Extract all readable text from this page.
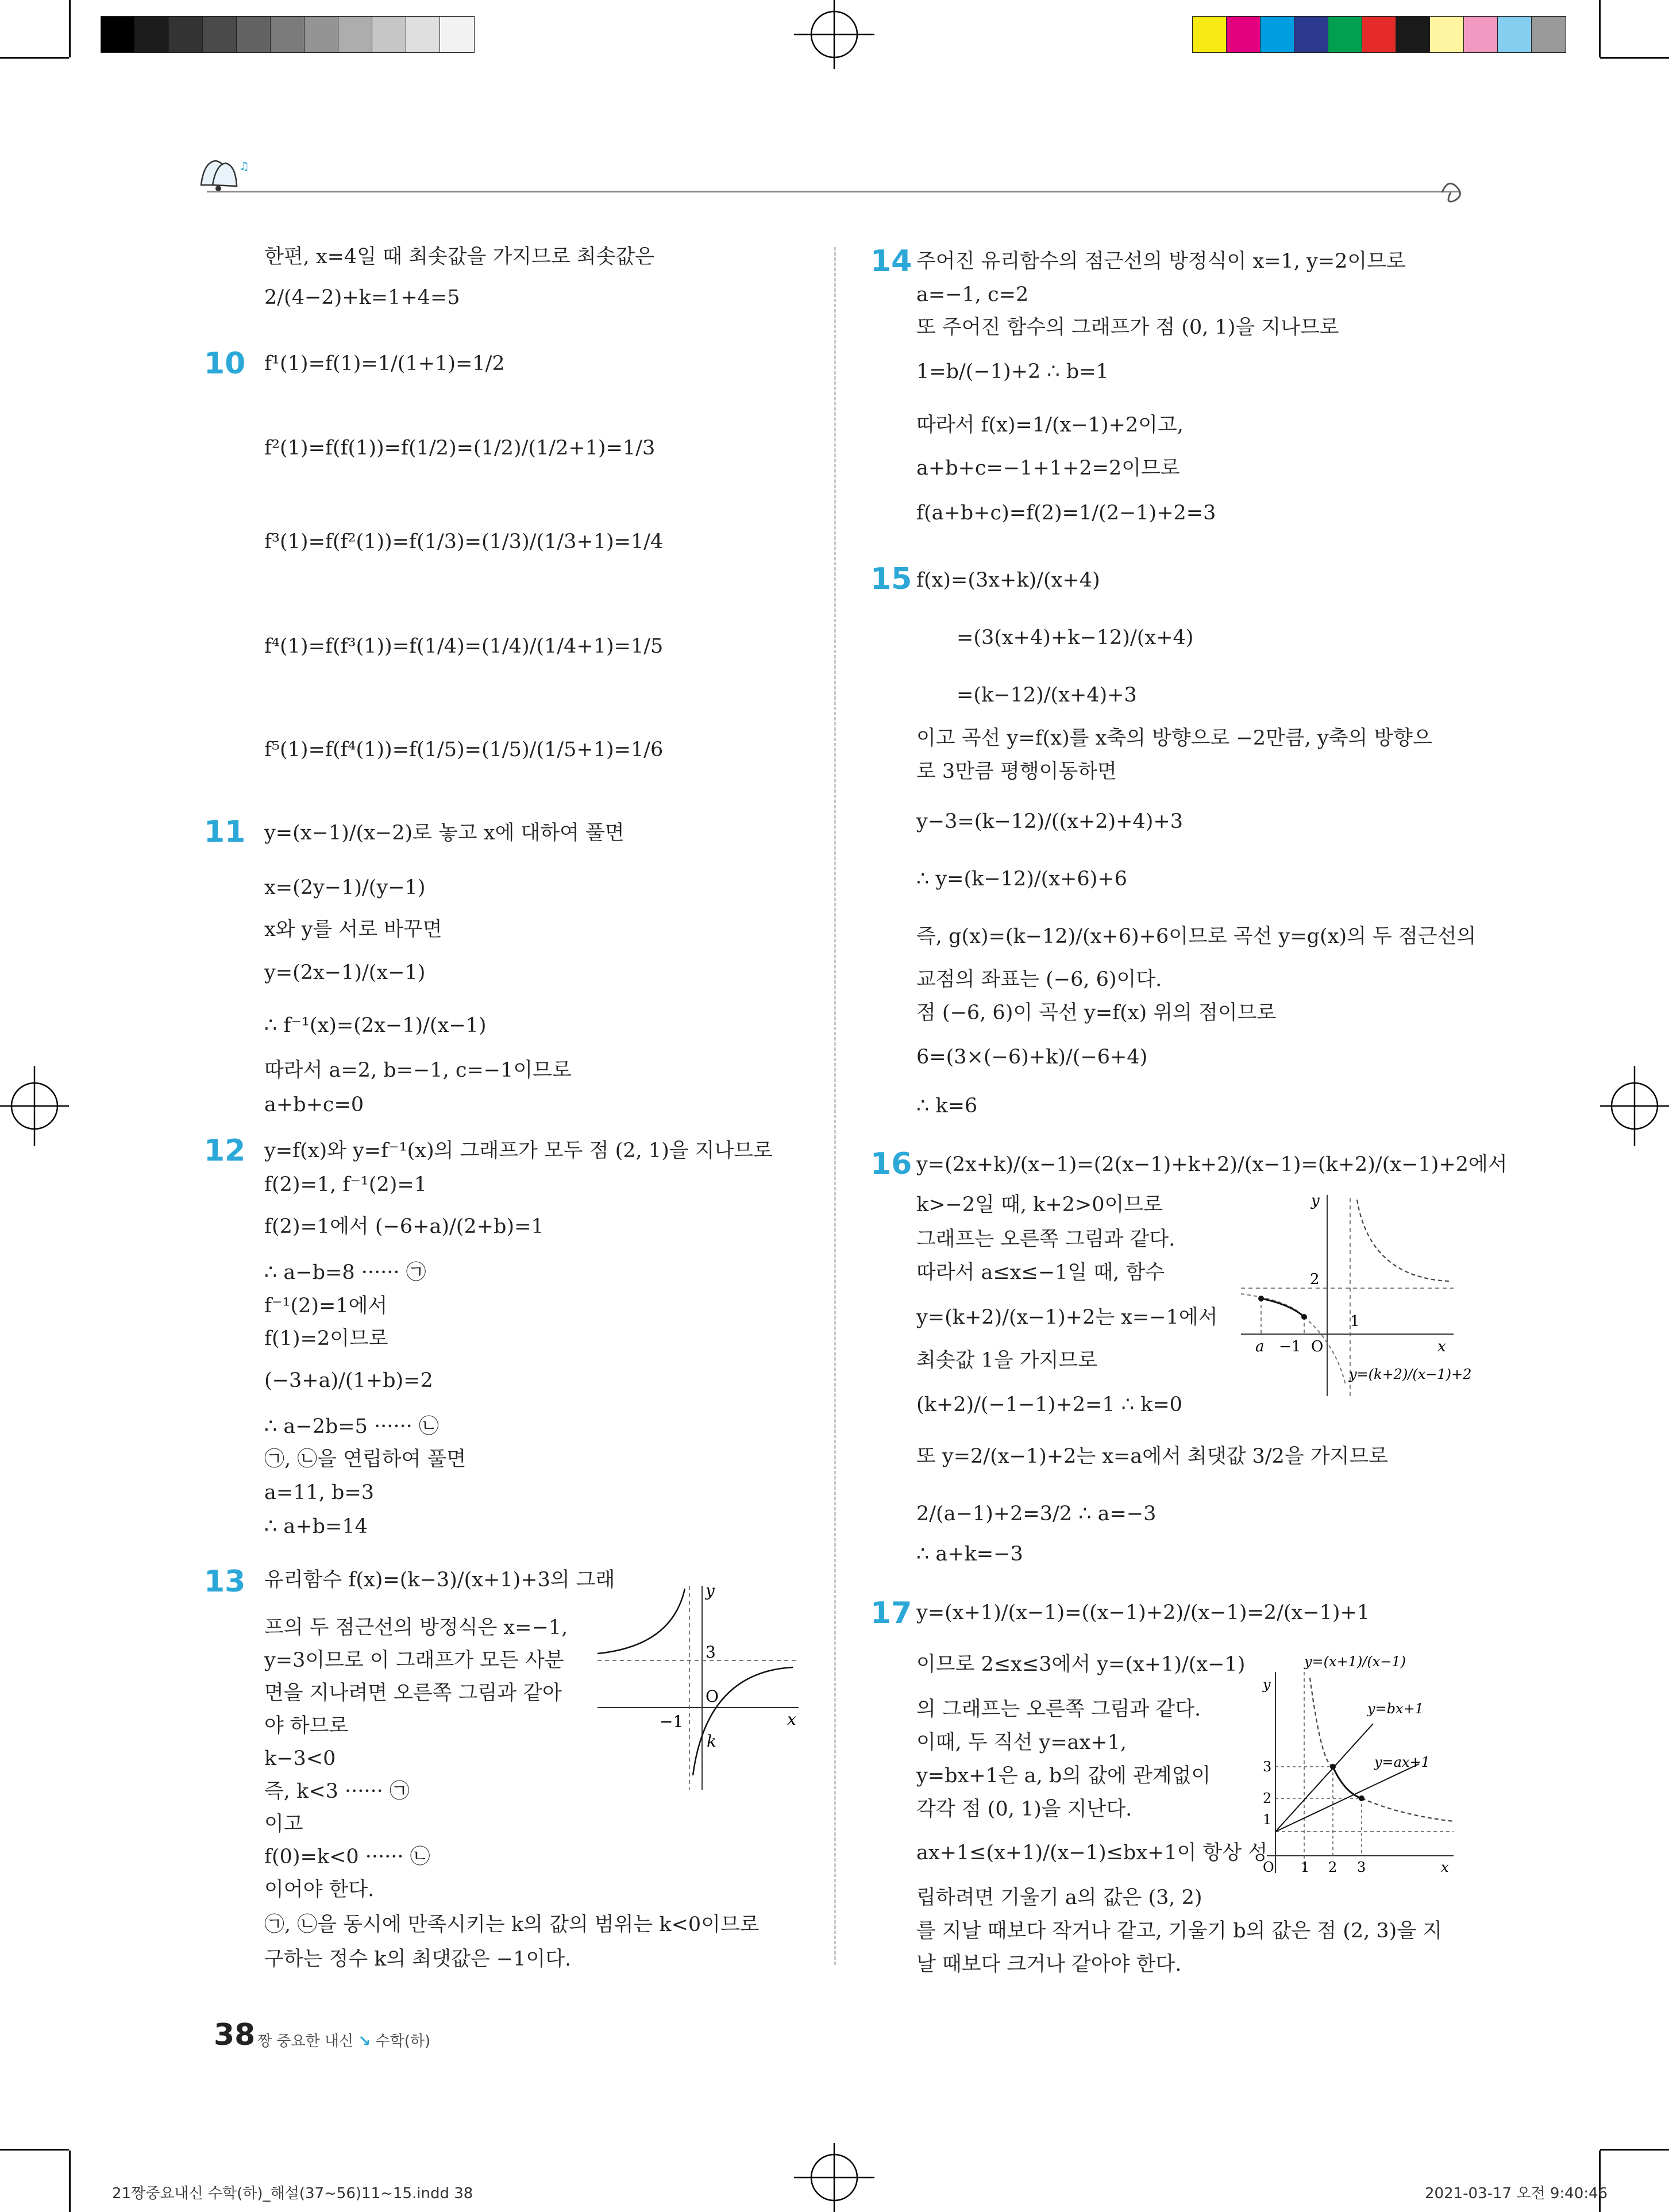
♫
10
11
12
13
14
15
16
17
한편, x=4일 때 최솟값을 가지므로 최솟값은
2/(4−2)+k=1+4=5
f¹(1)=f(1)=1/(1+1)=1/2
f²(1)=f(f(1))=f(1/2)=(1/2)/(1/2+1)=1/3
f³(1)=f(f²(1))=f(1/3)=(1/3)/(1/3+1)=1/4
f⁴(1)=f(f³(1))=f(1/4)=(1/4)/(1/4+1)=1/5
f⁵(1)=f(f⁴(1))=f(1/5)=(1/5)/(1/5+1)=1/6
y=(x−1)/(x−2)로 놓고 x에 대하여 풀면
x=(2y−1)/(y−1)
x와 y를 서로 바꾸면
y=(2x−1)/(x−1)
∴ f⁻¹(x)=(2x−1)/(x−1)
따라서 a=2, b=−1, c=−1이므로
a+b+c=0
y=f(x)와 y=f⁻¹(x)의 그래프가 모두 점 (2, 1)을 지나므로
f(2)=1, f⁻¹(2)=1
f(2)=1에서 (−6+a)/(2+b)=1
∴ a−b=8 ······ ㉠
f⁻¹(2)=1에서
f(1)=2이므로
(−3+a)/(1+b)=2
∴ a−2b=5 ······ ㉡
㉠, ㉡을 연립하여 풀면
a=11, b=3
∴ a+b=14
유리함수 f(x)=(k−3)/(x+1)+3의 그래
프의 두 점근선의 방정식은 x=−1,
y=3이므로 이 그래프가 모든 사분
면을 지나려면 오른쪽 그림과 같아
야 하므로
k−3<0
즉, k<3 ······ ㉠
이고
f(0)=k<0 ······ ㉡
이어야 한다.
㉠, ㉡을 동시에 만족시키는 k의 값의 범위는 k<0이므로
구하는 정수 k의 최댓값은 −1이다.
주어진 유리함수의 점근선의 방정식이 x=1, y=2이므로
a=−1, c=2
또 주어진 함수의 그래프가 점 (0, 1)을 지나므로
1=b/(−1)+2 ∴ b=1
따라서 f(x)=1/(x−1)+2이고,
a+b+c=−1+1+2=2이므로
f(a+b+c)=f(2)=1/(2−1)+2=3
f(x)=(3x+k)/(x+4)
=(3(x+4)+k−12)/(x+4)
=(k−12)/(x+4)+3
이고 곡선 y=f(x)를 x축의 방향으로 −2만큼, y축의 방향으
로 3만큼 평행이동하면
y−3=(k−12)/((x+2)+4)+3
∴ y=(k−12)/(x+6)+6
즉, g(x)=(k−12)/(x+6)+6이므로 곡선 y=g(x)의 두 점근선의
교점의 좌표는 (−6, 6)이다.
점 (−6, 6)이 곡선 y=f(x) 위의 점이므로
6=(3×(−6)+k)/(−6+4)
∴ k=6
y=(2x+k)/(x−1)=(2(x−1)+k+2)/(x−1)=(k+2)/(x−1)+2에서
k>−2일 때, k+2>0이므로
그래프는 오른쪽 그림과 같다.
따라서 a≤x≤−1일 때, 함수
y=(k+2)/(x−1)+2는 x=−1에서
최솟값 1을 가지므로
(k+2)/(−1−1)+2=1 ∴ k=0
또 y=2/(x−1)+2는 x=a에서 최댓값 3/2을 가지므로
2/(a−1)+2=3/2 ∴ a=−3
∴ a+k=−3
y=(x+1)/(x−1)=((x−1)+2)/(x−1)=2/(x−1)+1
이므로 2≤x≤3에서 y=(x+1)/(x−1)
의 그래프는 오른쪽 그림과 같다.
이때, 두 직선 y=ax+1,
y=bx+1은 a, b의 값에 관계없이
각각 점 (0, 1)을 지난다.
ax+1≤(x+1)/(x−1)≤bx+1이 항상 성
립하려면 기울기 a의 값은 (3, 2)
를 지날 때보다 작거나 같고, 기울기 b의 값은 점 (2, 3)을 지
날 때보다 크거나 같아야 한다.
y
3
O
−1	x
k
y
2
1
a −1 O	x
y=(k+2)/(x−1)+2
y
3
2
1
O 1 2 3	x
y=(x+1)/(x−1)
y=bx+1
y=ax+1
38 짱 중요한 내신 ↘ 수학(하)
21짱중요내신 수학(하)_해설(37~56)11~15.indd 38	2021-03-17 오전 9:40:46
